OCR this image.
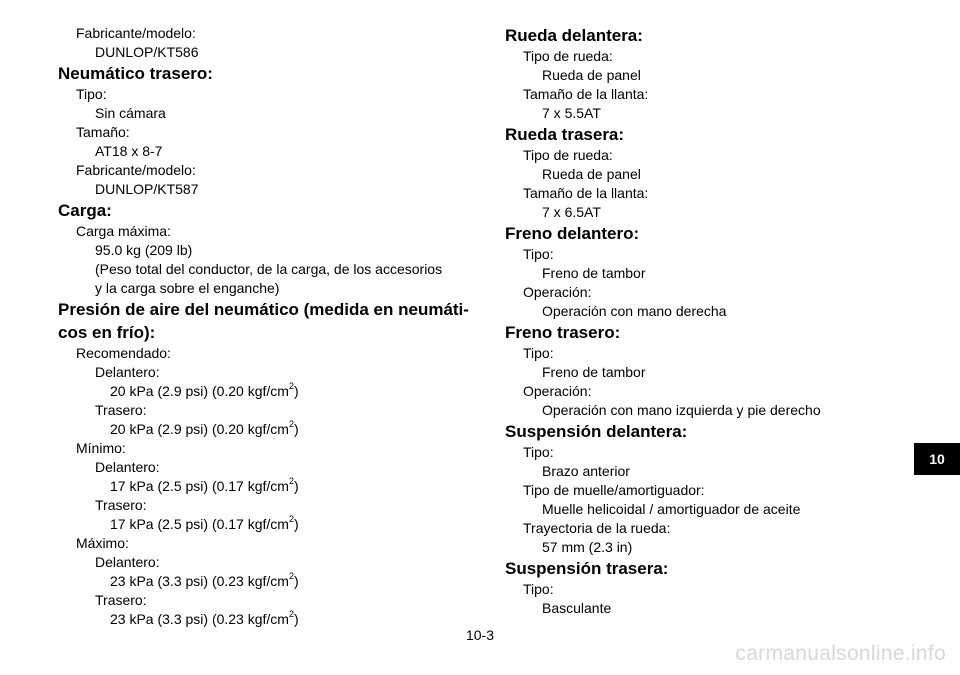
Fabricante/modelo:
DUNLOP/KT586
Neumático trasero:
Tipo:
Sin cámara
Tamaño:
AT18 x 8-7
Fabricante/modelo:
DUNLOP/KT587
Carga:
Carga máxima:
95.0 kg (209 lb)
(Peso total del conductor, de la carga, de los accesorios
y la carga sobre el enganche)
Presión de aire del neumático (medida en neumáti-
cos en frío):
Recomendado:
Delantero:
20 kPa (2.9 psi) (0.20 kgf/$cm^2$)
Trasero:
20 kPa (2.9 psi) (0.20 kgf/$cm^2$)
Mínimo:
Delantero:
17 kPa (2.5 psi) (0.17 kgf/$cm^2$)
Trasero:
17 kPa (2.5 psi) (0.17 kgf/$cm^2$)
Máximo:
Delantero:
23 kPa (3.3 psi) (0.23 kgf/$cm^2$)
Trasero:
23 kPa (3.3 psi) (0.23 kgf/$cm^2$)
Rueda delantera:
Tipo de rueda:
Rueda de panel
Tamaño de la llanta:
7 x 5.5AT
Rueda trasera:
Tipo de rueda:
Rueda de panel
Tamaño de la llanta:
7 x 6.5AT
Freno delantero:
Tipo:
Freno de tambor
Operación:
Operación con mano derecha
Freno trasero:
Tipo:
Freno de tambor
Operación:
Operación con mano izquierda y pie derecho
Suspensión delantera:
Tipo:
Brazo anterior
Tipo de muelle/amortiguador:
Muelle helicoidal / amortiguador de aceite
Trayectoria de la rueda:
57 mm (2.3 in)
Suspensión trasera:
Tipo:
Basculante
10
10-3
carmanualsonline.info
